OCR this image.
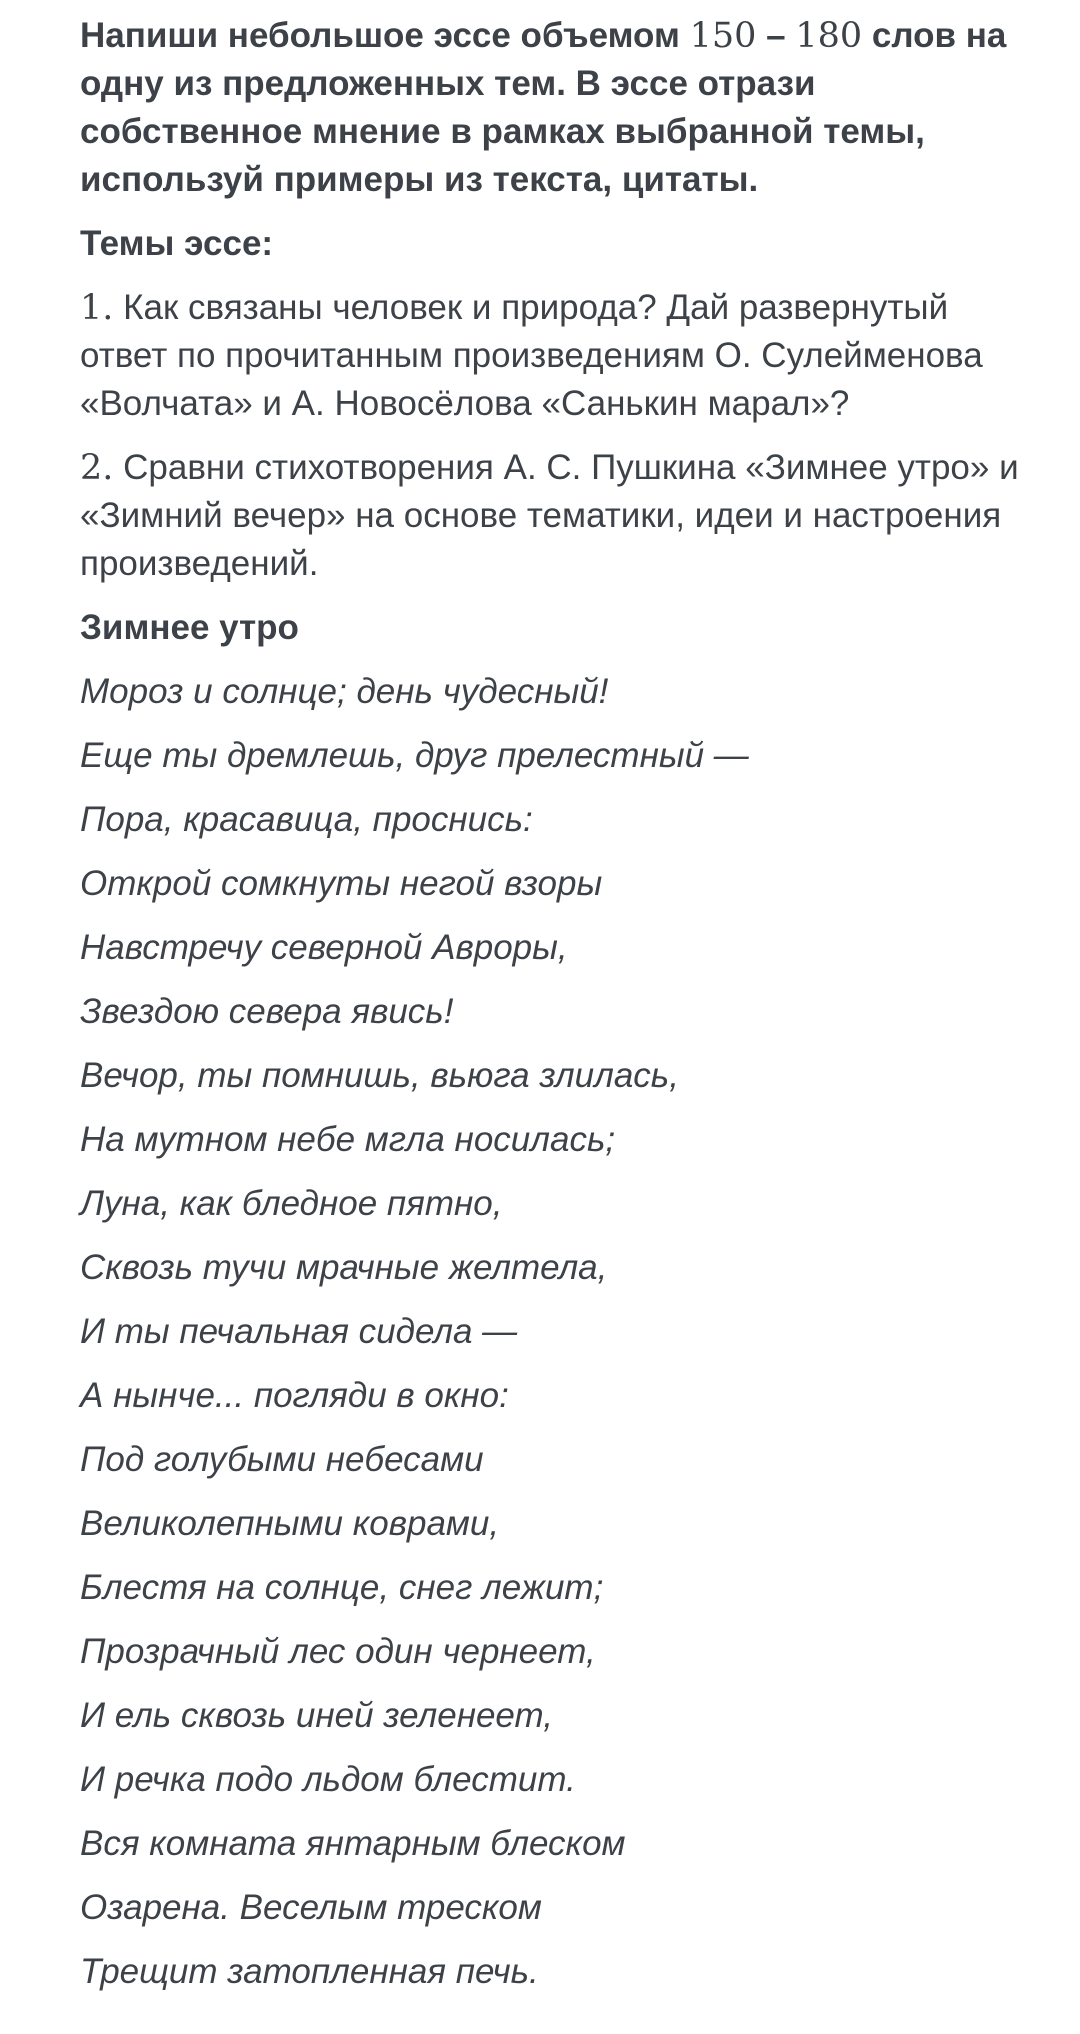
Напиши небольшое эссе объемом 150 – 180 слов на одну из предложенных тем. В эссе отрази собственное мнение в рамках выбранной темы, используй примеры из текста, цитаты.

Темы эссе:

1. Как связаны человек и природа? Дай развернутый ответ по прочитанным произведениям О. Сулейменова «Волчата» и А. Новосёлова «Санькин марал»?

2. Сравни стихотворения А. С. Пушкина «Зимнее утро» и «Зимний вечер» на основе тематики, идеи и настроения произведений.

Зимнее утро

Мороз и солнце; день чудесный!

Еще ты дремлешь, друг прелестный —

Пора, красавица, проснись:

Открой сомкнуты негой взоры

Навстречу северной Авроры,

Звездою севера явись!

Вечор, ты помнишь, вьюга злилась,

На мутном небе мгла носилась;

Луна, как бледное пятно,

Сквозь тучи мрачные желтела,

И ты печальная сидела —

А нынче... погляди в окно:

Под голубыми небесами

Великолепными коврами,

Блестя на солнце, снег лежит;

Прозрачный лес один чернеет,

И ель сквозь иней зеленеет,

И речка подо льдом блестит.

Вся комната янтарным блеском

Озарена. Веселым треском

Трещит затопленная печь.
